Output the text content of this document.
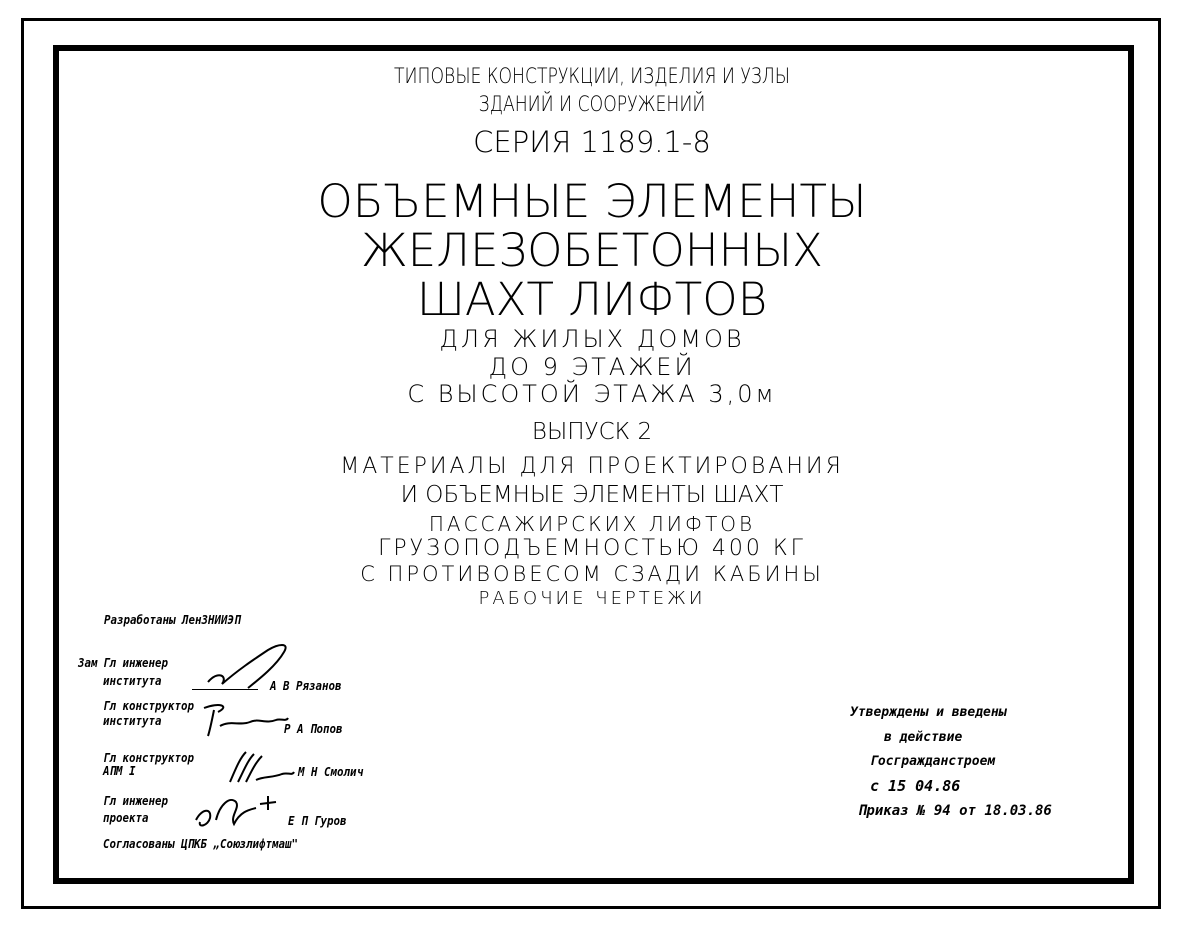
ТИПОВЫЕ КОНСТРУКЦИИ, ИЗДЕЛИЯ И УЗЛЫ
ЗДАНИЙ И СООРУЖЕНИЙ
СЕРИЯ 1189.1-8
ОБЪЕМНЫЕ ЭЛЕМЕНТЫ
ЖЕЛЕЗОБЕТОННЫХ
ШАХТ ЛИФТОВ
ДЛЯ ЖИЛЫХ ДОМОВ
ДО 9 ЭТАЖЕЙ
С ВЫСОТОЙ ЭТАЖА 3,0м
ВЫПУСК 2
МАТЕРИАЛЫ ДЛЯ ПРОЕКТИРОВАНИЯ
И ОБЪЕМНЫЕ ЭЛЕМЕНТЫ ШАХТ
ПАССАЖИРСКИХ ЛИФТОВ
ГРУЗОПОДЪЕМНОСТЬЮ 400 КГ
С ПРОТИВОВЕСОМ СЗАДИ КАБИНЫ
РАБОЧИЕ ЧЕРТЕЖИ
Разработаны ЛенЗНИИЭП
Зам Гл инженер
института	А В Рязанов
Гл конструктор
института
Р А Попов
Гл конструктор
АПМ I	М Н Смолич
Гл инженер
проекта	Е П Гуров
Согласованы ЦПКБ „Союзлифтмаш"
Утверждены и введены
в действие
Госгражданстроем
с 15 04.86
Приказ № 94 от 18.03.86
